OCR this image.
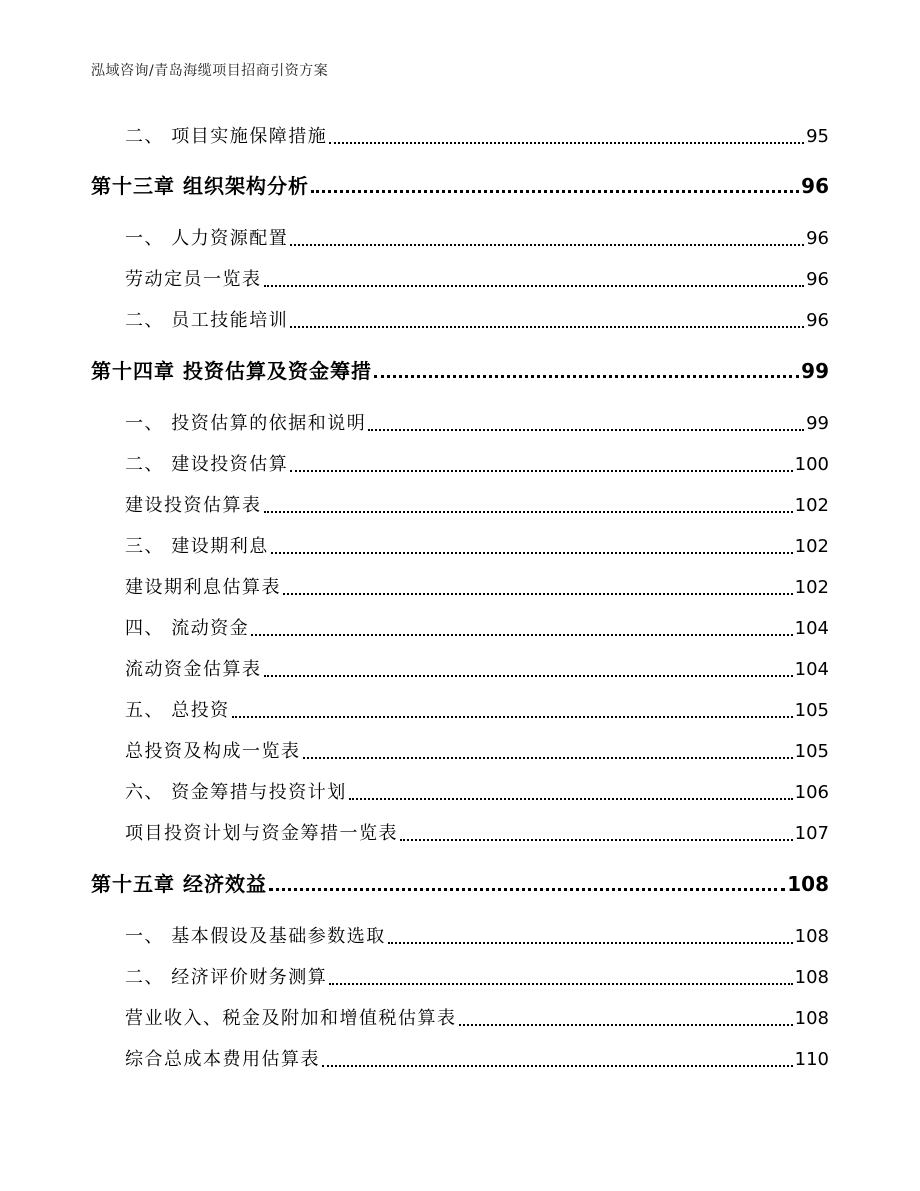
泓域咨询/青岛海缆项目招商引资方案
二、 项目实施保障措施	95
第十三章 组织架构分析	96
一、 人力资源配置	96
劳动定员一览表	96
二、 员工技能培训	96
第十四章 投资估算及资金筹措	99
一、 投资估算的依据和说明	99
二、 建设投资估算	100
建设投资估算表	102
三、 建设期利息	102
建设期利息估算表	102
四、 流动资金	104
流动资金估算表	104
五、 总投资	105
总投资及构成一览表	105
六、 资金筹措与投资计划	106
项目投资计划与资金筹措一览表	107
第十五章 经济效益	108
一、 基本假设及基础参数选取	108
二、 经济评价财务测算	108
营业收入、税金及附加和增值税估算表	108
综合总成本费用估算表	110
